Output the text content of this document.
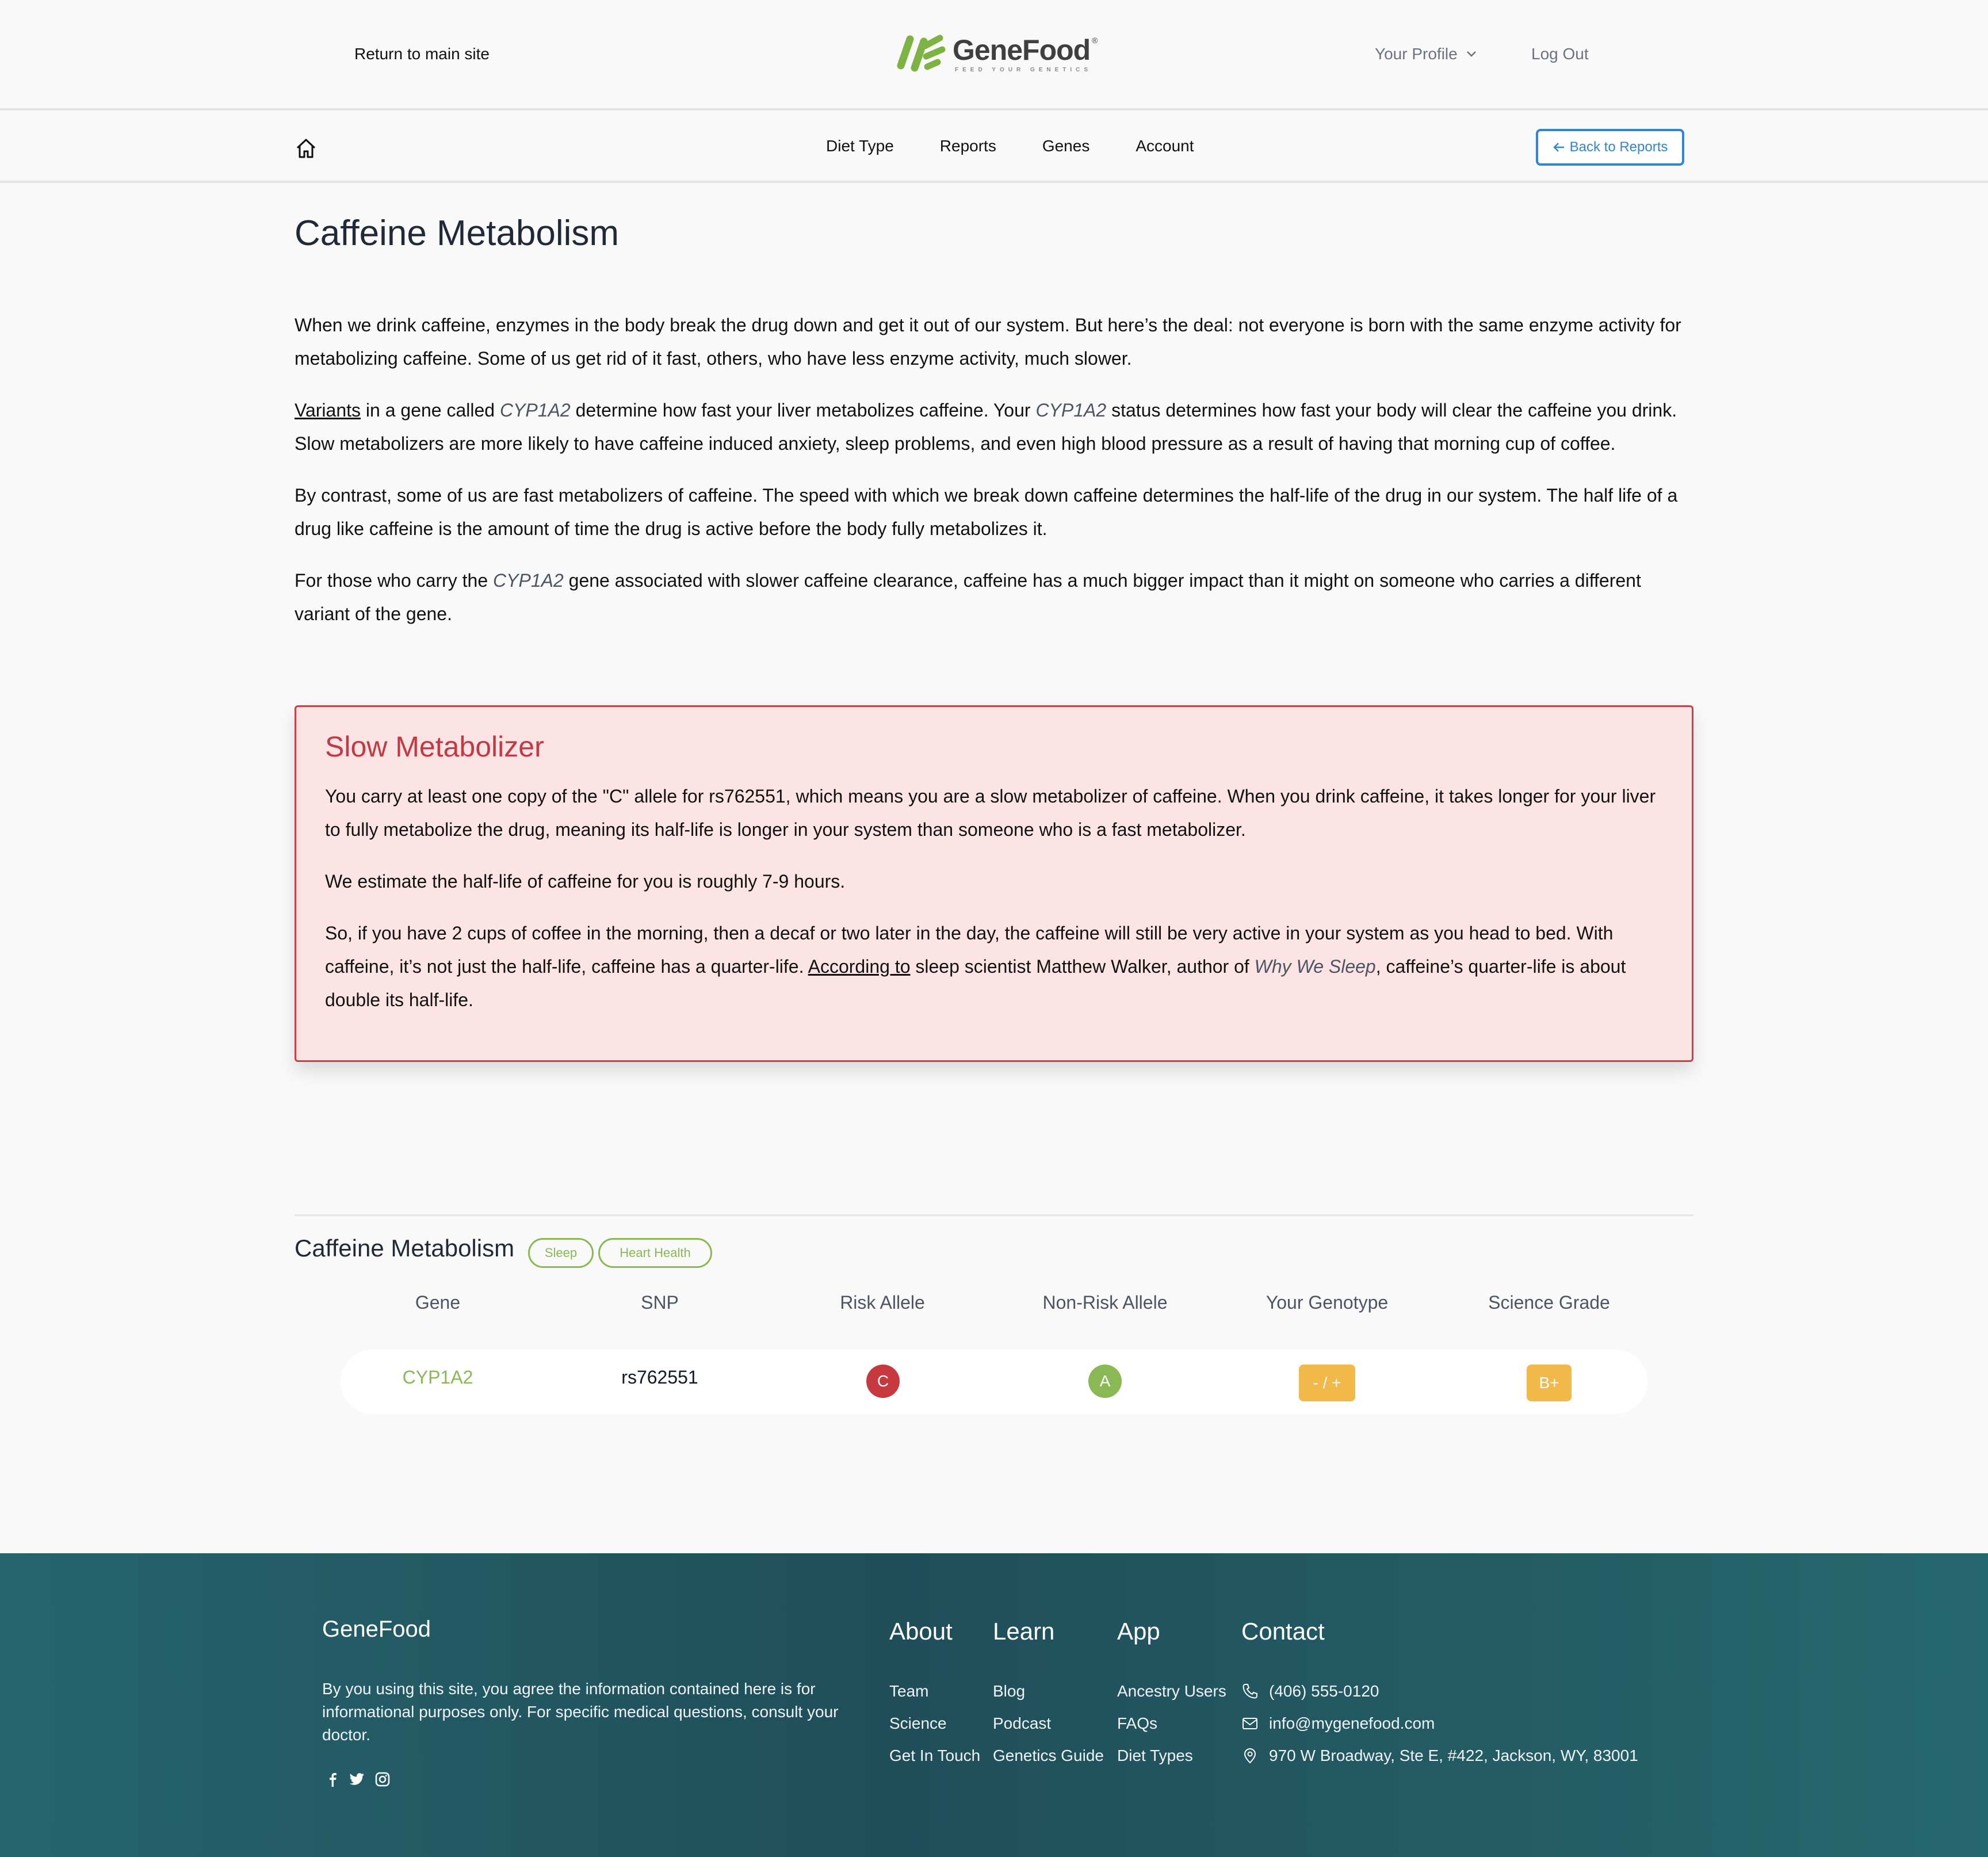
Return to main site	GeneFood ®
FEED YOUR GENETICS
Your Profile	Log Out
Diet Type	Reports	Genes	Account	Back to Reports
Caffeine Metabolism

When we drink caffeine, enzymes in the body break the drug down and get it out of our system. But here’s the deal: not everyone is born with the same enzyme activity for metabolizing caffeine. Some of us get rid of it fast, others, who have less enzyme activity, much slower.

Variants in a gene called CYP1A2 determine how fast your liver metabolizes caffeine. Your CYP1A2 status determines how fast your body will clear the caffeine you drink. Slow metabolizers are more likely to have caffeine induced anxiety, sleep problems, and even high blood pressure as a result of having that morning cup of coffee.

By contrast, some of us are fast metabolizers of caffeine. The speed with which we break down caffeine determines the half-life of the drug in our system. The half life of a drug like caffeine is the amount of time the drug is active before the body fully metabolizes it.

For those who carry the CYP1A2 gene associated with slower caffeine clearance, caffeine has a much bigger impact than it might on someone who carries a different variant of the gene.

Slow Metabolizer

You carry at least one copy of the "C" allele for rs762551, which means you are a slow metabolizer of caffeine. When you drink caffeine, it takes longer for your liver to fully metabolize the drug, meaning its half-life is longer in your system than someone who is a fast metabolizer.

We estimate the half-life of caffeine for you is roughly 7-9 hours.

So, if you have 2 cups of coffee in the morning, then a decaf or two later in the day, the caffeine will still be very active in your system as you head to bed. With caffeine, it’s not just the half-life, caffeine has a quarter-life. According to sleep scientist Matthew Walker, author of Why We Sleep, caffeine’s quarter-life is about double its half-life.

Caffeine Metabolism	Sleep	Heart Health
Gene	SNP	Risk Allele	Non-Risk Allele	Your Genotype	Science Grade
CYP1A2	rs762551	C	A	- / +	B+
GeneFood
By you using this site, you agree the information contained here is for informational purposes only. For specific medical questions, consult your doctor.
About
Team
Science
Get In Touch
Learn
Blog
Podcast
Genetics Guide
App
Ancestry Users
FAQs
Diet Types
Contact
(406) 555-0120
info@mygenefood.com
970 W Broadway, Ste E, #422, Jackson, WY, 83001
